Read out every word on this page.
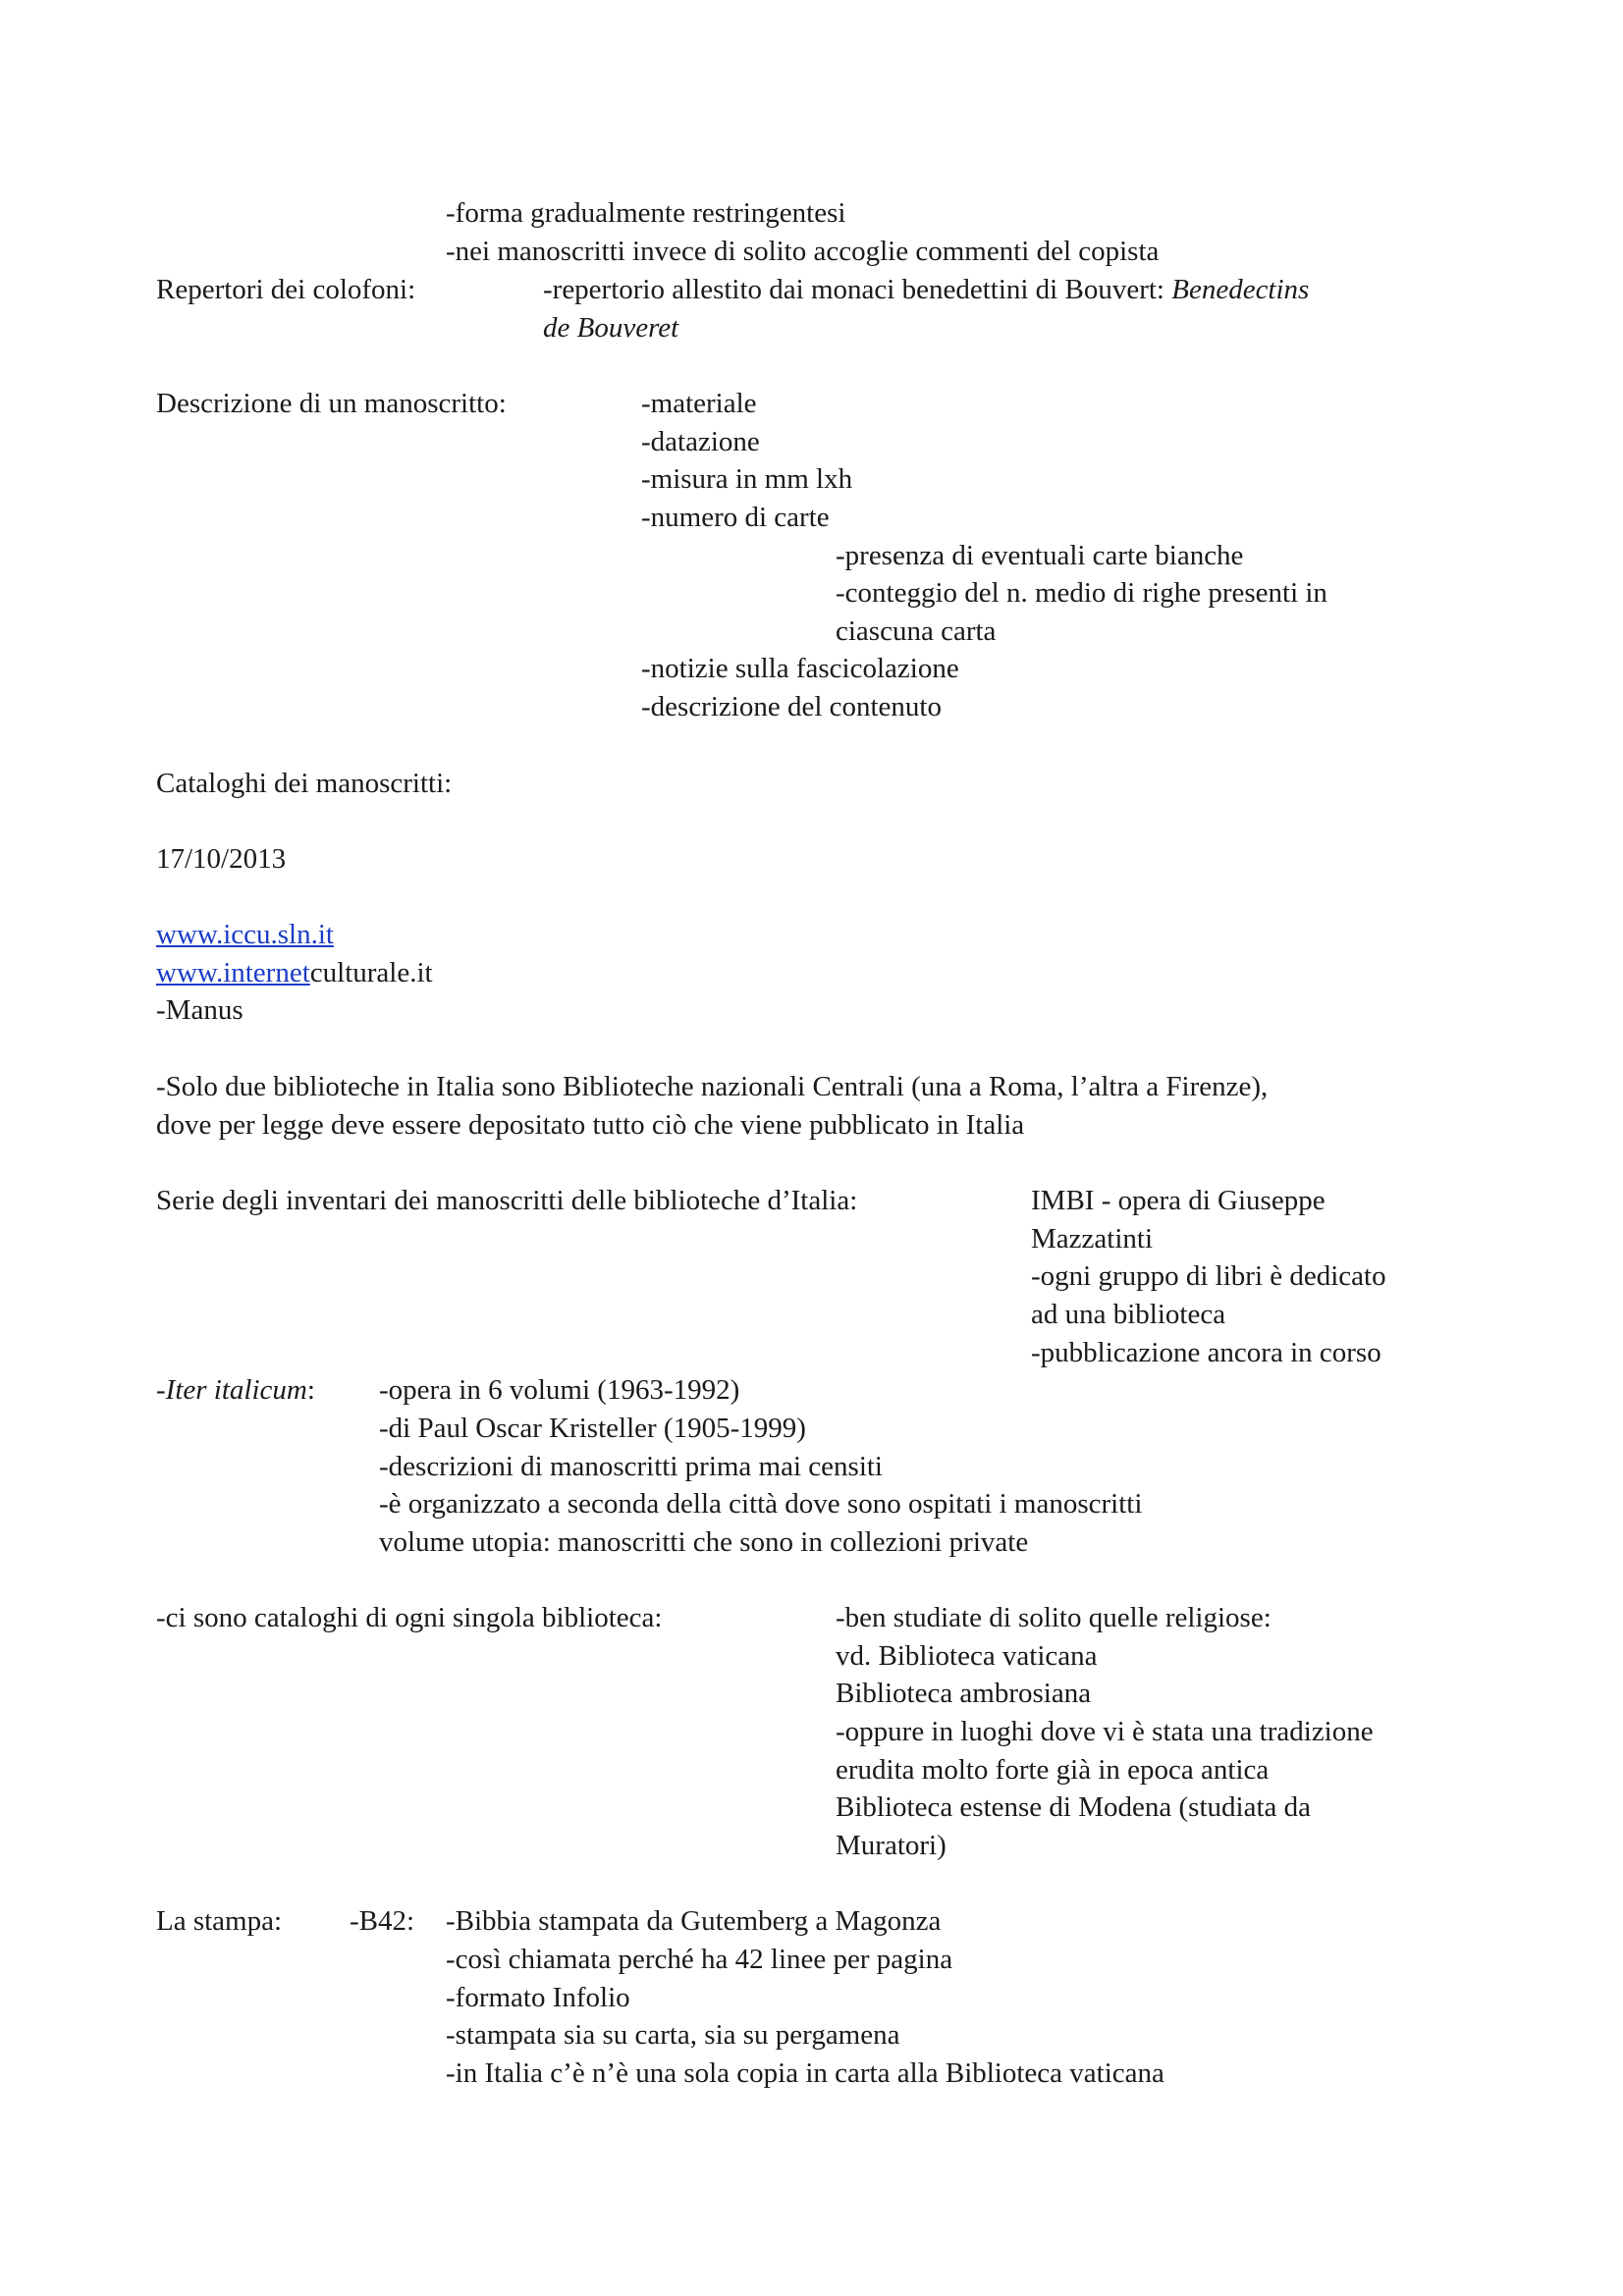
-forma gradualmente restringentesi
-nei manoscritti invece di solito accoglie commenti del copista
Repertori dei colofoni:	-repertorio allestito dai monaci benedettini di Bouvert: Benedectins
de Bouveret
Descrizione di un manoscritto:	-materiale
-datazione
-misura in mm lxh
-numero di carte
-presenza di eventuali carte bianche
-conteggio del n. medio di righe presenti in
ciascuna carta
-notizie sulla fascicolazione
-descrizione del contenuto
Cataloghi dei manoscritti:
17/10/2013
www.iccu.sln.it
www.internetculturale.it
-Manus
-Solo due biblioteche in Italia sono Biblioteche nazionali Centrali (una a Roma, l’altra a Firenze),
dove per legge deve essere depositato tutto ciò che viene pubblicato in Italia
Serie degli inventari dei manoscritti delle biblioteche d’Italia:	IMBI - opera di Giuseppe
Mazzatinti
-ogni gruppo di libri è dedicato
ad una biblioteca
-pubblicazione ancora in corso
-Iter italicum: -opera in 6 volumi (1963-1992)
-di Paul Oscar Kristeller (1905-1999)
-descrizioni di manoscritti prima mai censiti
-è organizzato a seconda della città dove sono ospitati i manoscritti
volume utopia: manoscritti che sono in collezioni private
-ci sono cataloghi di ogni singola biblioteca:	-ben studiate di solito quelle religiose:
vd. Biblioteca vaticana
Biblioteca ambrosiana
-oppure in luoghi dove vi è stata una tradizione
erudita molto forte già in epoca antica
Biblioteca estense di Modena (studiata da
Muratori)
La stampa: -B42: -Bibbia stampata da Gutemberg a Magonza
-così chiamata perché ha 42 linee per pagina
-formato Infolio
-stampata sia su carta, sia su pergamena
-in Italia c’è n’è una sola copia in carta alla Biblioteca vaticana
